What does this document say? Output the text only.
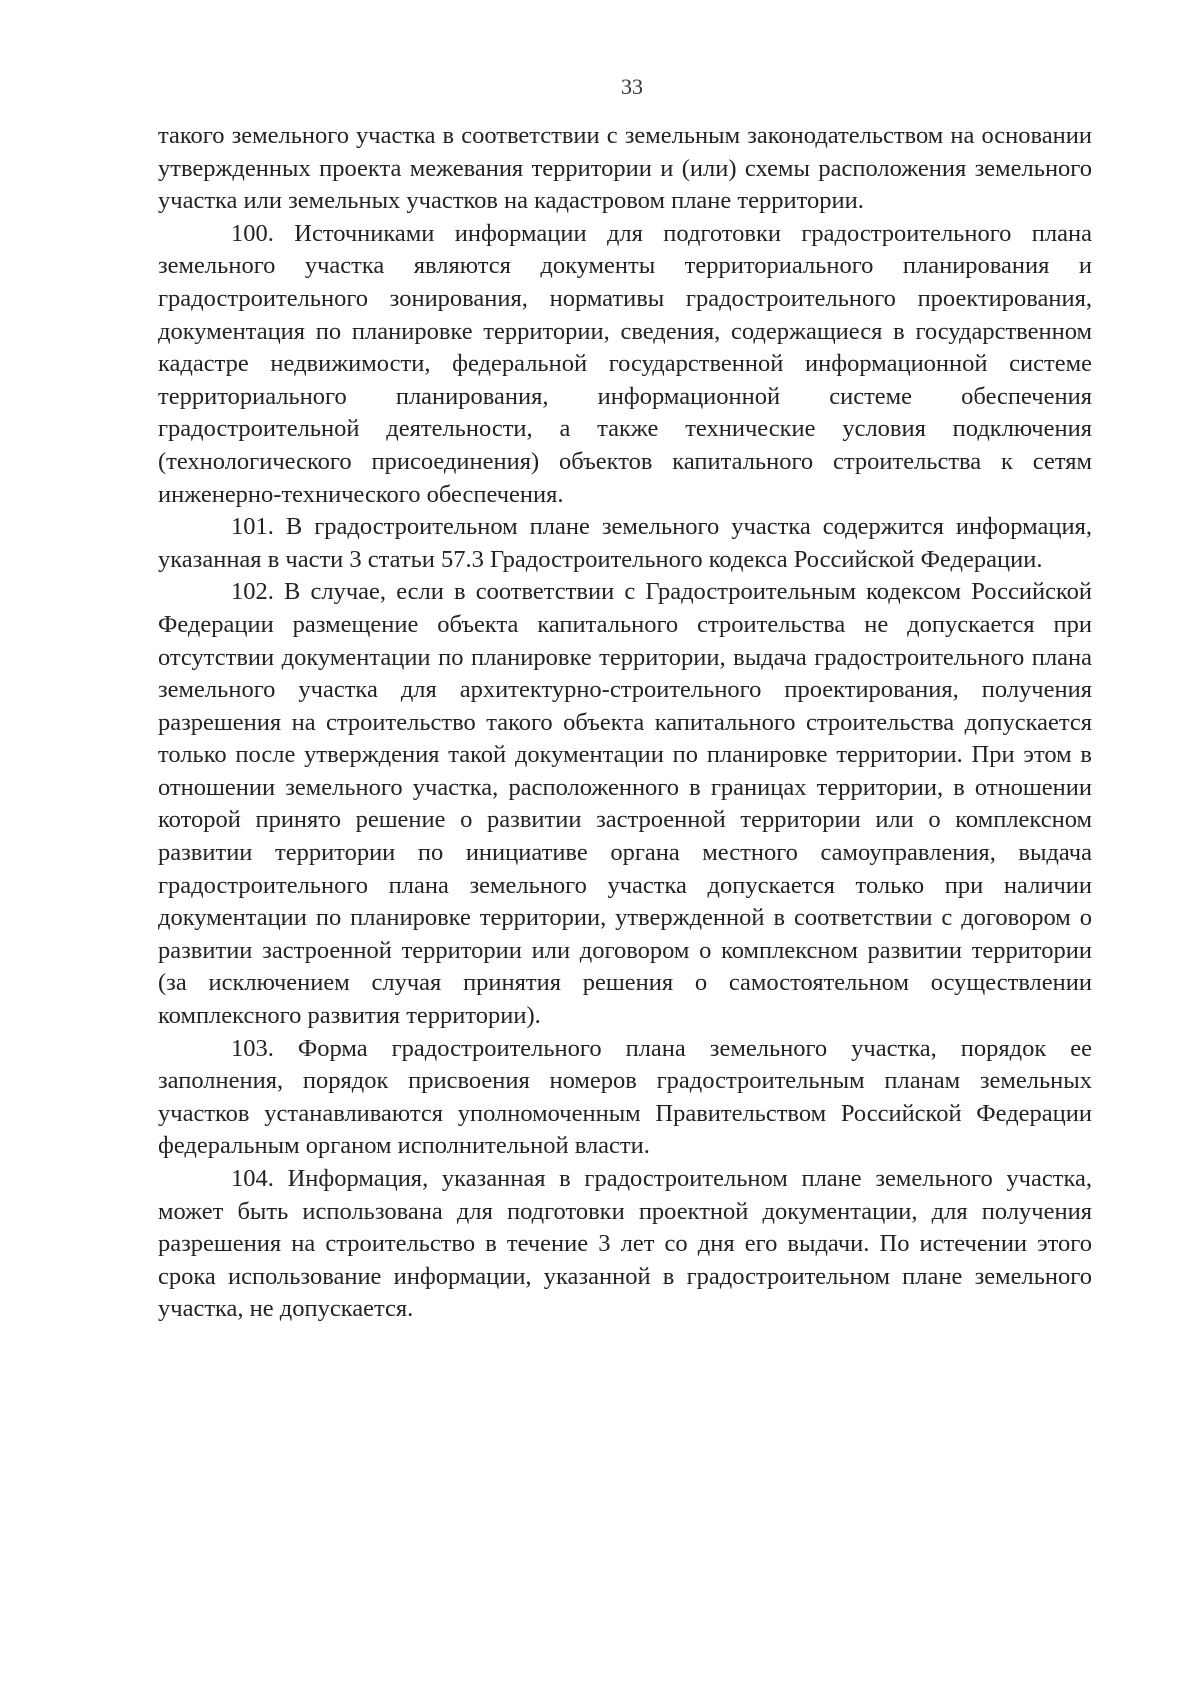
33

такого земельного участка в соответствии с земельным законодательством на основании утвержденных проекта межевания территории и (или) схемы расположения земельного участка или земельных участков на кадастровом плане территории.

100. Источниками информации для подготовки градостроительного плана земельного участка являются документы территориального планирования и градостроительного зонирования, нормативы градостроительного проектирования, документация по планировке территории, сведения, содержащиеся в государственном кадастре недвижимости, федеральной государственной информационной системе территориального планирования, информационной системе обеспечения градостроительной деятельности, а также технические условия подключения (технологического присоединения) объектов капитального строительства к сетям инженерно-технического обеспечения.

101. В градостроительном плане земельного участка содержится информация, указанная в части 3 статьи 57.3 Градостроительного кодекса Российской Федерации.

102. В случае, если в соответствии с Градостроительным кодексом Российской Федерации размещение объекта капитального строительства не допускается при отсутствии документации по планировке территории, выдача градостроительного плана земельного участка для архитектурно-строительного проектирования, получения разрешения на строительство такого объекта капитального строительства допускается только после утверждения такой документации по планировке территории. При этом в отношении земельного участка, расположенного в границах территории, в отношении которой принято решение о развитии застроенной территории или о комплексном развитии территории по инициативе органа местного самоуправления, выдача градостроительного плана земельного участка допускается только при наличии документации по планировке территории, утвержденной в соответствии с договором о развитии застроенной территории или договором о комплексном развитии территории (за исключением случая принятия решения о самостоятельном осуществлении комплексного развития территории).

103. Форма градостроительного плана земельного участка, порядок ее заполнения, порядок присвоения номеров градостроительным планам земельных участков устанавливаются уполномоченным Правительством Российской Федерации федеральным органом исполнительной власти.

104. Информация, указанная в градостроительном плане земельного участка, может быть использована для подготовки проектной документации, для получения разрешения на строительство в течение 3 лет со дня его выдачи. По истечении этого срока использование информации, указанной в градостроительном плане земельного участка, не допускается.
